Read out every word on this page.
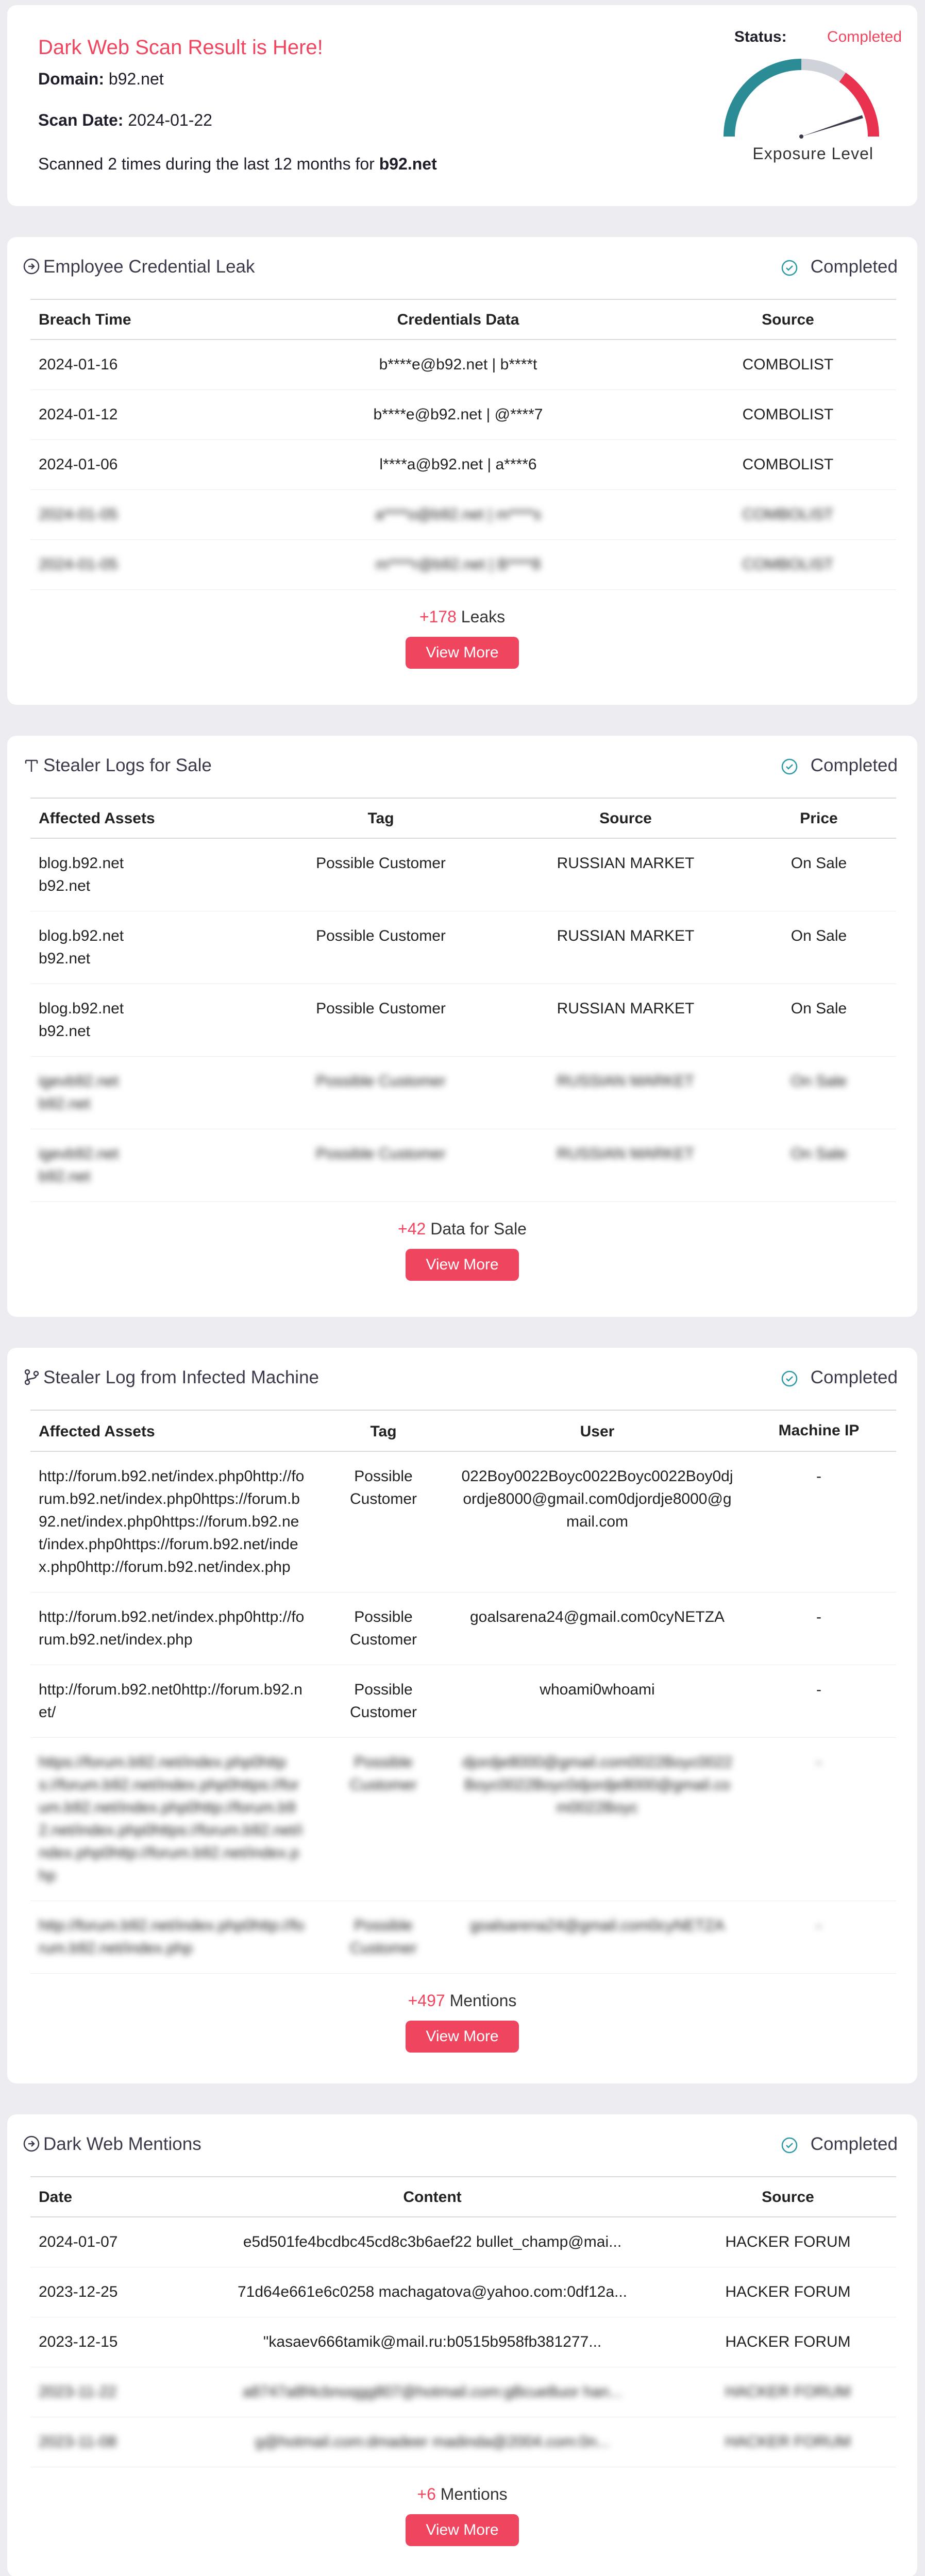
Dark Web Scan Result is Here!
Domain: b92.net
Scan Date: 2024-01-22
Scanned 2 times during the last 12 months for b92.net
Status:	Completed
Exposure Level
Employee Credential Leak	Completed
Breach Time	Credentials Data	Source
2024-01-16	b****e@b92.net | b****t	COMBOLIST
2024-01-12	b****e@b92.net | @****7	COMBOLIST
2024-01-06	l****a@b92.net | a****6	COMBOLIST
2024-01-05	a****o@b92.net | m****s	COMBOLIST
2024-01-05	m****r@b92.net | B****8	COMBOLIST
+178 Leaks
View More
Stealer Logs for Sale	Completed
Affected Assets	Tag	Source	Price
blog.b92.net
b92.net	Possible Customer	RUSSIAN MARKET	On Sale
blog.b92.net
b92.net	Possible Customer	RUSSIAN MARKET	On Sale
blog.b92.net
b92.net	Possible Customer	RUSSIAN MARKET	On Sale
igevb92.net
b92.net	Possible Customer	RUSSIAN MARKET	On Sale
igevb92.net
b92.net	Possible Customer	RUSSIAN MARKET	On Sale
+42 Data for Sale
View More
Stealer Log from Infected Machine	Completed
Affected Assets	Tag	User	Machine IP
http://forum.b92.net/index.php0http://forum.b92.net/index.php0https://forum.b92.net/index.php0https://forum.b92.net/index.php0https://forum.b92.net/index.php0http://forum.b92.net/index.php	Possible Customer	022Boy0022Boyc0022Boyc0022Boy0djordje8000@gmail.com0djordje8000@gmail.com	-
http://forum.b92.net/index.php0http://forum.b92.net/index.php	Possible Customer	goalsarena24@gmail.com0cyNETZA	-
http://forum.b92.net0http://forum.b92.net/	Possible Customer	whoami0whoami	-
https://forum.b92.net/index.php0https://forum.b92.net/index.php0https://forum.b92.net/index.php0http://forum.b92.net/index.php0https://forum.b92.net/index.php0http://forum.b92.net/index.php	Possible Customer	djordje8000@gmail.com0022Boyc0022Boyc0022Boyc0djordje8000@gmail.com0022Boyc	-
http://forum.b92.net/index.php0http://forum.b92.net/index.php	Possible Customer	goalsarena24@gmail.com0cyNETZA	-
+497 Mentions
View More
Dark Web Mentions	Completed
Date	Content	Source
2024-01-07	e5d501fe4bcdbc45cd8c3b6aef22 bullet_champ@mai...	HACKER FORUM
2023-12-25	71d64e661e6c0258 machagatova@yahoo.com:0df12a...	HACKER FORUM
2023-12-15	"kasaev666tamik@mail.ru:b0515b958fb381277...	HACKER FORUM
2023-11-22	a8747a8f4cbnoqgg807@hotmail.com:gBcue8uor han...	HACKER FORUM
2023-11-08	g@hotmail.com:dmadeer madinda@2004.com:0n...	HACKER FORUM
+6 Mentions
View More
